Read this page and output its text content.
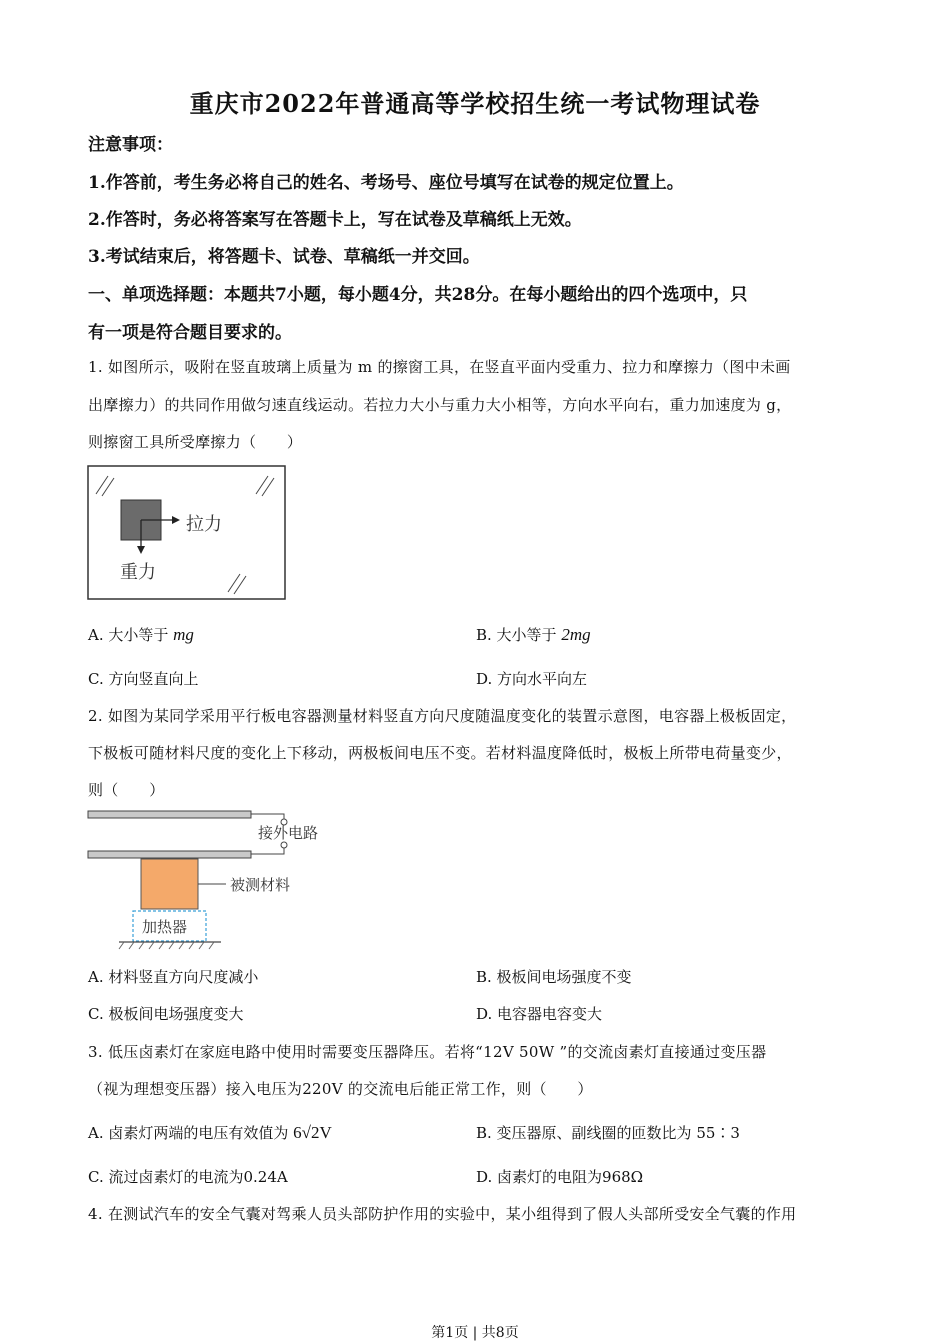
重庆市2022年普通高等学校招生统一考试物理试卷
注意事项：
1.作答前，考生务必将自己的姓名、考场号、座位号填写在试卷的规定位置上。
2.作答时，务必将答案写在答题卡上，写在试卷及草稿纸上无效。
3.考试结束后，将答题卡、试卷、草稿纸一并交回。
一、单项选择题：本题共7小题，每小题4分，共28分。在每小题给出的四个选项中，只
有一项是符合题目要求的。
1. 如图所示，吸附在竖直玻璃上质量为 m 的擦窗工具，在竖直平面内受重力、拉力和摩擦力（图中未画
出摩擦力）的共同作用做匀速直线运动。若拉力大小与重力大小相等，方向水平向右，重力加速度为 g，
则擦窗工具所受摩擦力（　　）
拉力
重力
A. 大小等于 mg	B. 大小等于 2mg
C. 方向竖直向上	D. 方向水平向左
2. 如图为某同学采用平行板电容器测量材料竖直方向尺度随温度变化的装置示意图，电容器上极板固定，
下极板可随材料尺度的变化上下移动，两极板间电压不变。若材料温度降低时，极板上所带电荷量变少，
则（　　）
接外电路
被测材料
加热器
A. 材料竖直方向尺度减小	B. 极板间电场强度不变
C. 极板间电场强度变大	D. 电容器电容变大
3. 低压卤素灯在家庭电路中使用时需要变压器降压。若将“12V 50W ”的交流卤素灯直接通过变压器
（视为理想变压器）接入电压为220V 的交流电后能正常工作，则（　　）
A. 卤素灯两端的电压有效值为 6√2V	B. 变压器原、副线圈的匝数比为 55∶3
C. 流过卤素灯的电流为0.24A	D. 卤素灯的电阻为968Ω
4. 在测试汽车的安全气囊对驾乘人员头部防护作用的实验中，某小组得到了假人头部所受安全气囊的作用
第1页 | 共8页
